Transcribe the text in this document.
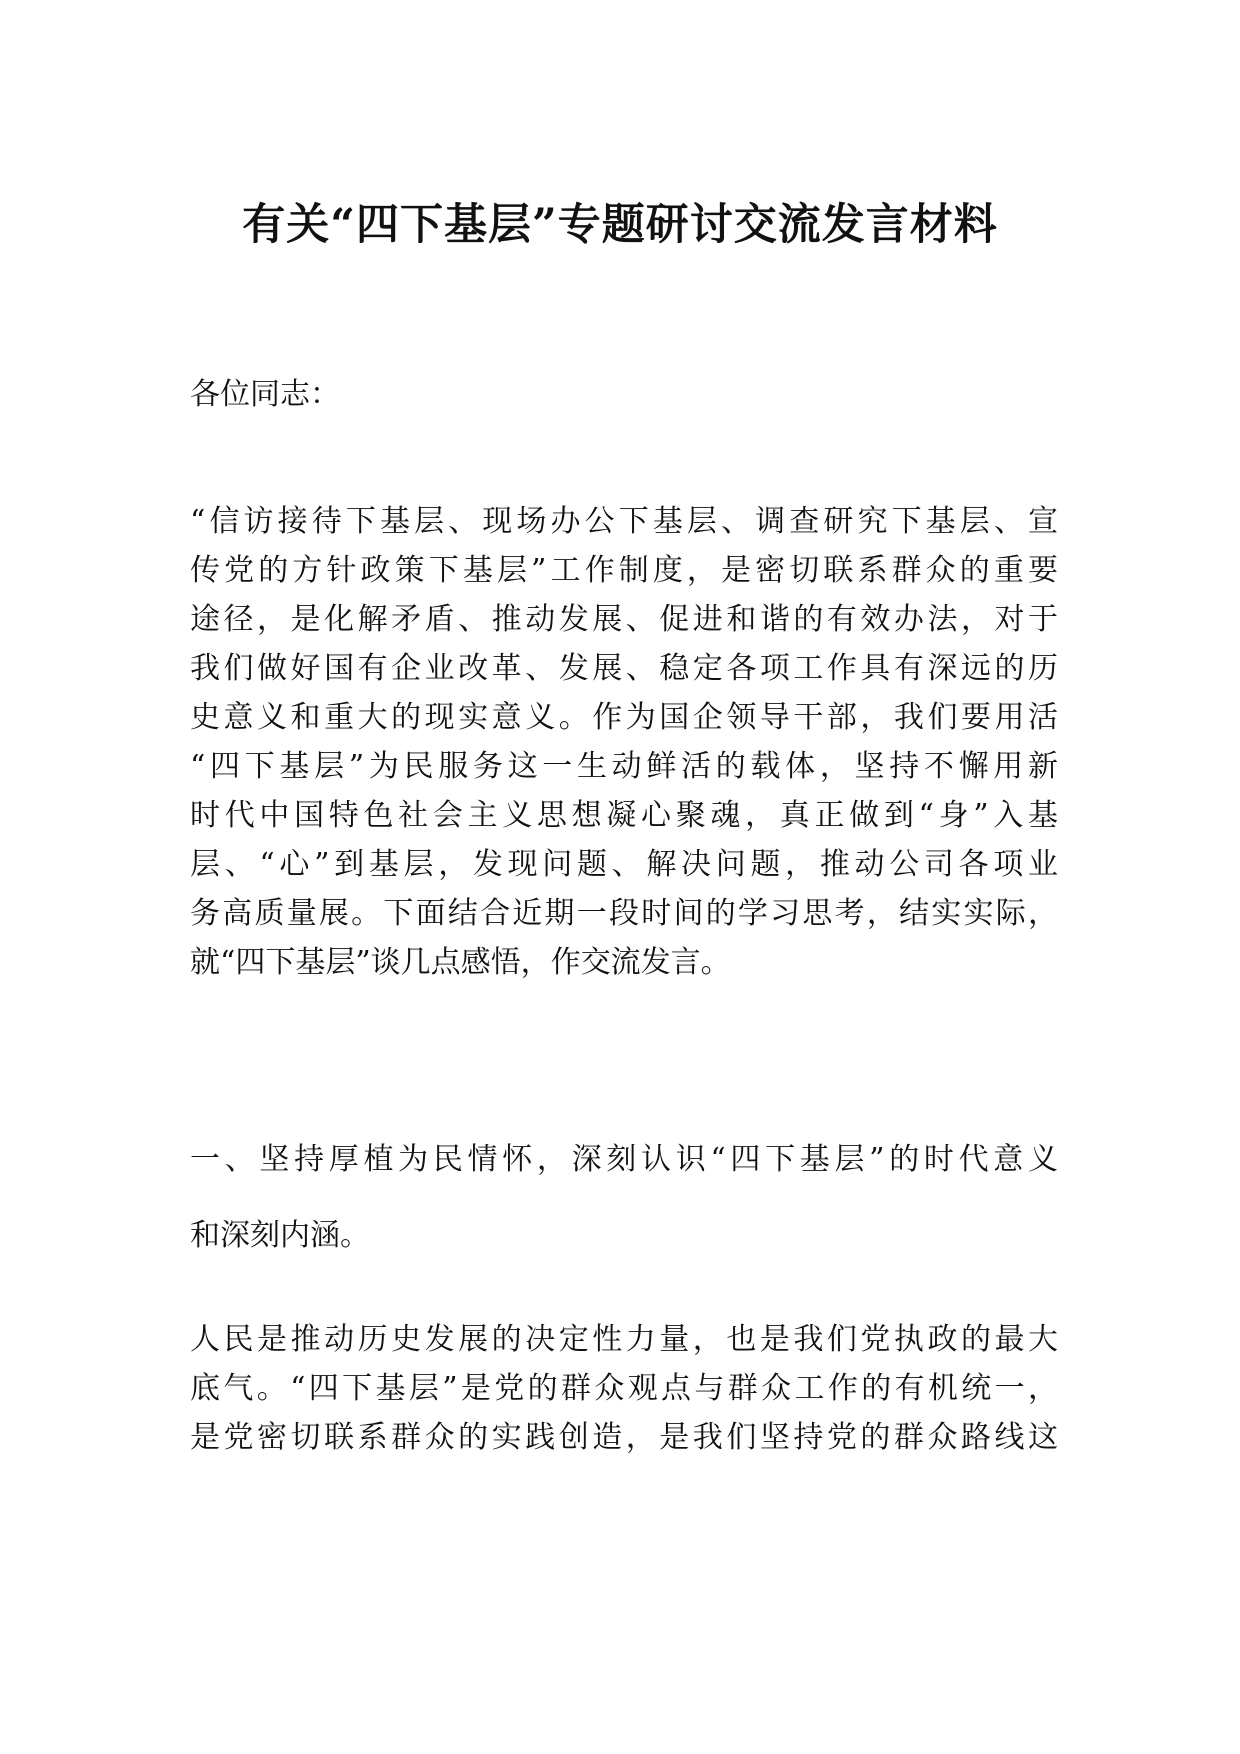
有关“四下基层”专题研讨交流发言材料

各位同志：

“信访接待下基层、现场办公下基层、调查研究下基层、宣
传党的方针政策下基层”工作制度，是密切联系群众的重要
途径，是化解矛盾、推动发展、促进和谐的有效办法，对于
我们做好国有企业改革、发展、稳定各项工作具有深远的历
史意义和重大的现实意义。作为国企领导干部，我们要用活
“四下基层”为民服务这一生动鲜活的载体，坚持不懈用新
时代中国特色社会主义思想凝心聚魂，真正做到“身”入基
层、“心”到基层，发现问题、解决问题，推动公司各项业
务高质量展。下面结合近期一段时间的学习思考，结实实际，
就“四下基层”谈几点感悟，作交流发言。

一、坚持厚植为民情怀，深刻认识“四下基层”的时代意义
和深刻内涵。

人民是推动历史发展的决定性力量，也是我们党执政的最大
底气。“四下基层”是党的群众观点与群众工作的有机统一，
是党密切联系群众的实践创造，是我们坚持党的群众路线这
